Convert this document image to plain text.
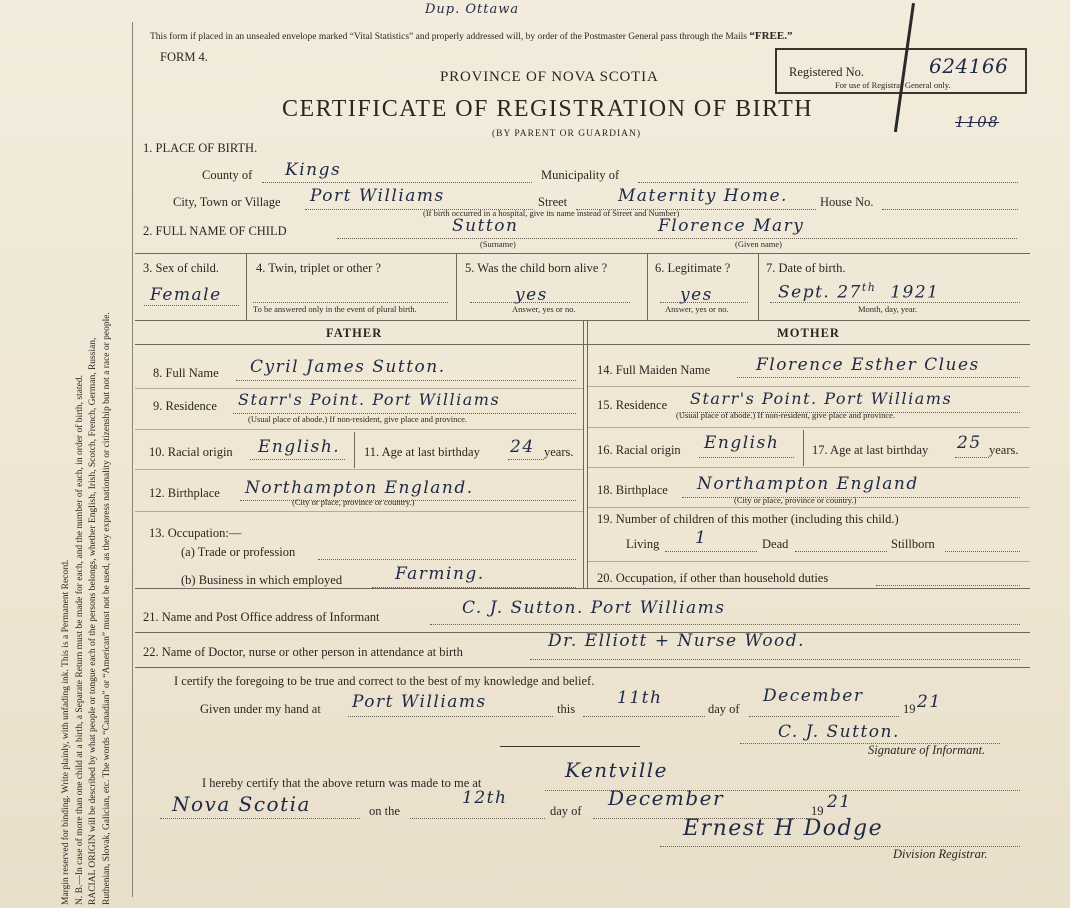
Margin reserved for binding. Write plainly, with unfading ink. This is a Permanent Record. N. B.—In case of more than one child at a birth, a Separate Return must be made for each, and the number of each, in order of birth, stated. RACIAL ORIGIN will be described by what people or tongue each of the persons belongs, whether English, Irish, Scotch, French, German, Russian, Ruthenian, Slovak, Galician, etc. The words “Canadian” or “American” must not be used, as they express nationality or citizenship but not a race or people.
Dup. Ottawa
This form if placed in an unsealed envelope marked “Vital Statistics” and properly addressed will, by order of the Postmaster General pass through the Mails “FREE.”
FORM 4.
Registered No.	624166
For use of Registrar General only.
1108
PROVINCE OF NOVA SCOTIA
CERTIFICATE OF REGISTRATION OF BIRTH
(BY PARENT OR GUARDIAN)
1. PLACE OF BIRTH.
County of Kings	Municipality of
City, Town or Village Port Williams	Street	Maternity Home.	House No.
(If birth occurred in a hospital, give its name instead of Street and Number)
2. FULL NAME OF CHILD	Sutton	Florence Mary
(Surname)	(Given name)
3. Sex of child.
Female
4. Twin, triplet or other ?
To be answered only in the event of plural birth.
5. Was the child born alive ?
yes
Answer, yes or no.
6. Legitimate ?
yes
Answer, yes or no.
7. Date of birth.
Sept. 27th 1921
Month, day, year.
FATHER	MOTHER
8. Full Name Cyril James Sutton.
9. Residence Starr's Point. Port Williams
(Usual place of abode.) If non-resident, give place and province.
10. Racial origin English. 11. Age at last birthday 24 years.
12. Birthplace Northampton England.
(City or place, province or country.)
13. Occupation:—
(a) Trade or profession
(b) Business in which employed	Farming.
14. Full Maiden Name	Florence Esther Clues
15. Residence Starr's Point. Port Williams
(Usual place of abode.) If non-resident, give place and province.
16. Racial origin English	17. Age at last birthday 25 years.
18. Birthplace Northampton England
(City or place, province or country.)
19. Number of children of this mother (including this child.)
Living 1	Dead	Stillborn
20. Occupation, if other than household duties
21. Name and Post Office address of Informant	C. J. Sutton. Port Williams
22. Name of Doctor, nurse or other person in attendance at birth
Dr. Elliott + Nurse Wood.
I certify the foregoing to be true and correct to the best of my knowledge and belief.
Given under my hand at Port Williams	this
11th
day of
December
19 21
C. J. Sutton.
Signature of Informant.
I hereby certify that the above return was made to me at
Kentville
Nova Scotia	on the
12th
day of
December
19 21
Ernest H Dodge
Division Registrar.
